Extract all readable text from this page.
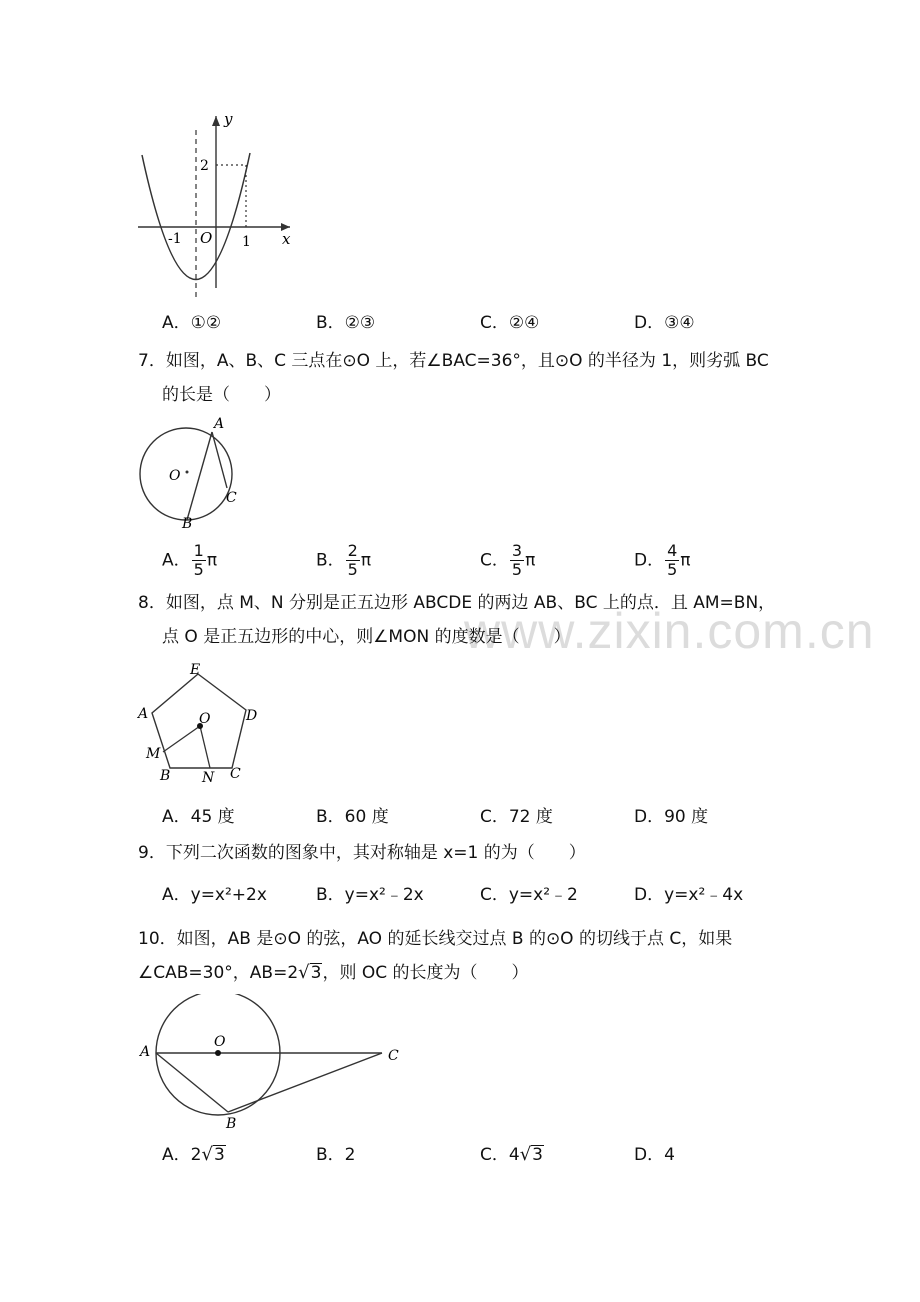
www.zixin.com.cn
y
x
O
-1	1
2
A．①②	B．②③	C．②④	D．③④
7．如图，A、B、C 三点在⊙O 上，若∠BAC=36°，且⊙O 的半径为 1，则劣弧 BC
的长是（　　）
A
B
C
O
A． $\frac{1}{5}$ π	B． $\frac{2}{5}$ π	C． $\frac{3}{5}$ π	D． $\frac{4}{5}$ π
8．如图，点 M、N 分别是正五边形 ABCDE 的两边 AB、BC 上的点．且 AM=BN，
点 O 是正五边形的中心，则∠MON 的度数是（　　）
E
A	D
O
M
B N C
A．45 度	B．60 度	C．72 度	D．90 度
9．下列二次函数的图象中，其对称轴是 x=1 的为（　　）
A．y=x²+2x	B．y=x²﹣2x	C．y=x²﹣2	D．y=x²﹣4x
10．如图，AB 是⊙O 的弦，AO 的延长线交过点 B 的⊙O 的切线于点 C，如果
∠CAB=30°，AB=2√3，则 OC 的长度为（　　）
A
O
C
B
A．2√3	B．2	C．4√3	D．4
